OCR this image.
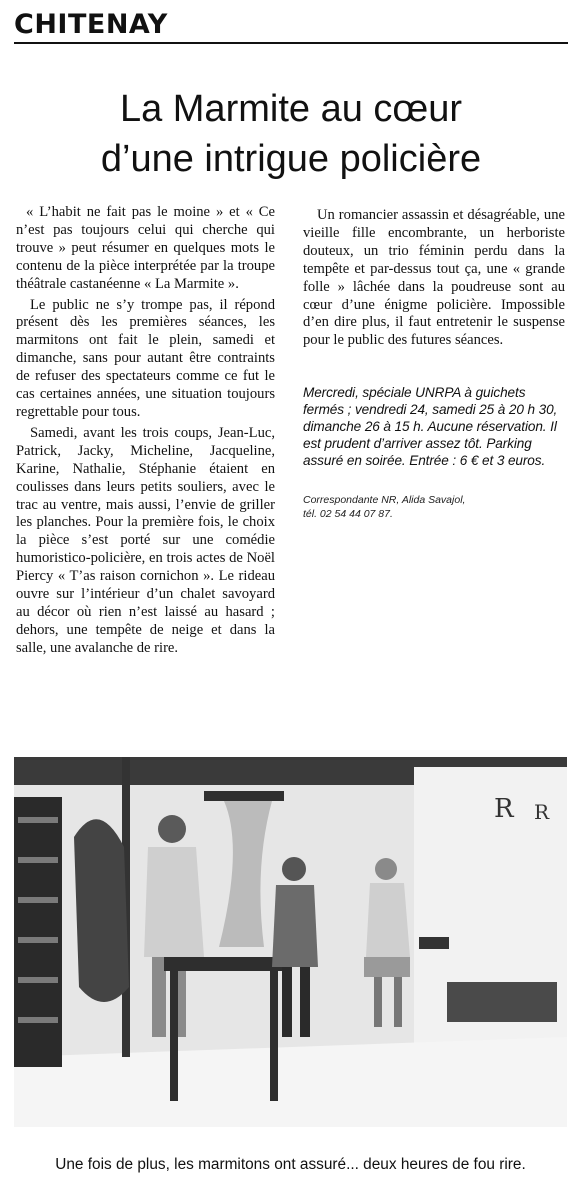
CHITENAY
La Marmite au cœur
d’une intrigue policière

« L’habit ne fait pas le moine » et « Ce n’est pas toujours celui qui cherche qui trouve » peut résumer en quelques mots le contenu de la pièce interprétée par la troupe théâtrale castanéenne « La Marmite ».

Le public ne s’y trompe pas, il répond présent dès les premières séances, les marmitons ont fait le plein, samedi et dimanche, sans pour autant être contraints de refuser des spectateurs comme ce fut le cas certaines années, une situation toujours regrettable pour tous.

Samedi, avant les trois coups, Jean-Luc, Patrick, Jacky, Micheline, Jacqueline, Karine, Nathalie, Stéphanie étaient en coulisses dans leurs petits souliers, avec le trac au ventre, mais aussi, l’envie de griller les planches. Pour la première fois, le choix la pièce s’est porté sur une comédie humoristico-policière, en trois actes de Noël Piercy « T’as raison cornichon ». Le rideau ouvre sur l’intérieur d’un chalet savoyard au décor où rien n’est laissé au hasard ; dehors, une tempête de neige et dans la salle, une avalanche de rire.

Un romancier assassin et désagréable, une vieille fille encombrante, un herboriste douteux, un trio féminin perdu dans la tempête et par-dessus tout ça, une « grande folle » lâchée dans la poudreuse sont au cœur d’une énigme policière. Impossible d’en dire plus, il faut entretenir le suspense pour le public des futures séances.

Mercredi, spéciale UNRPA à guichets fermés ; vendredi 24, samedi 25 à 20 h 30, dimanche 26 à 15 h. Aucune réservation. Il est prudent d’arriver assez tôt. Parking assuré en soirée. Entrée : 6 € et 3 euros.
Correspondante NR, Alida Savajol,
tél. 02 54 44 07 87.
R R
Une fois de plus, les marmitons ont assuré... deux heures de fou rire.
